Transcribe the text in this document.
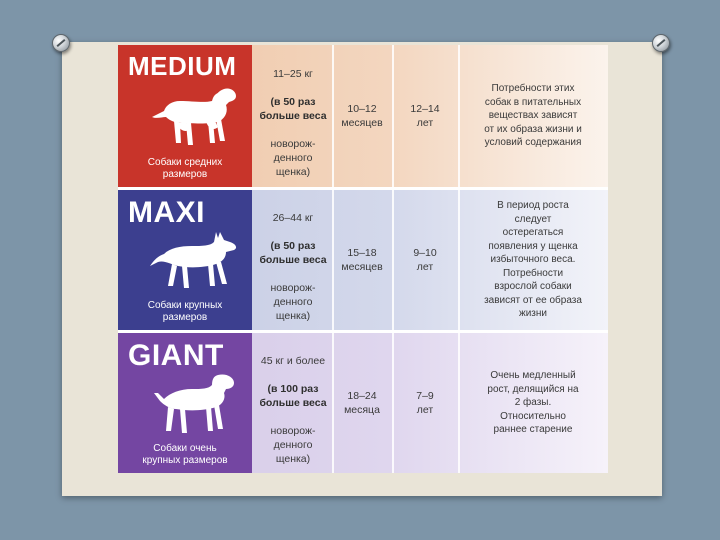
MEDIUM
Собаки средних
размеров

11–25 кг

(в 50 раз
больше веса

новорож-
денного
щенка)

10–12
месяцев
12–14
лет
Потребности этих
собак в питательных
веществах зависят
от их образа жизни и
условий содержания
MAXI
Собаки крупных
размеров

26–44 кг

(в 50 раз
больше веса

новорож-
денного
щенка)

15–18
месяцев
9–10
лет
В период роста
следует
остерегаться
появления у щенка
избыточного веса.
Потребности
взрослой собаки
зависят от ее образа
жизни
GIANT
Собаки очень
крупных размеров

45 кг и более

(в 100 раз
больше веса

новорож-
денного
щенка)

18–24
месяца
7–9
лет
Очень медленный
рост, делящийся на
2 фазы.
Относительно
раннее старение
